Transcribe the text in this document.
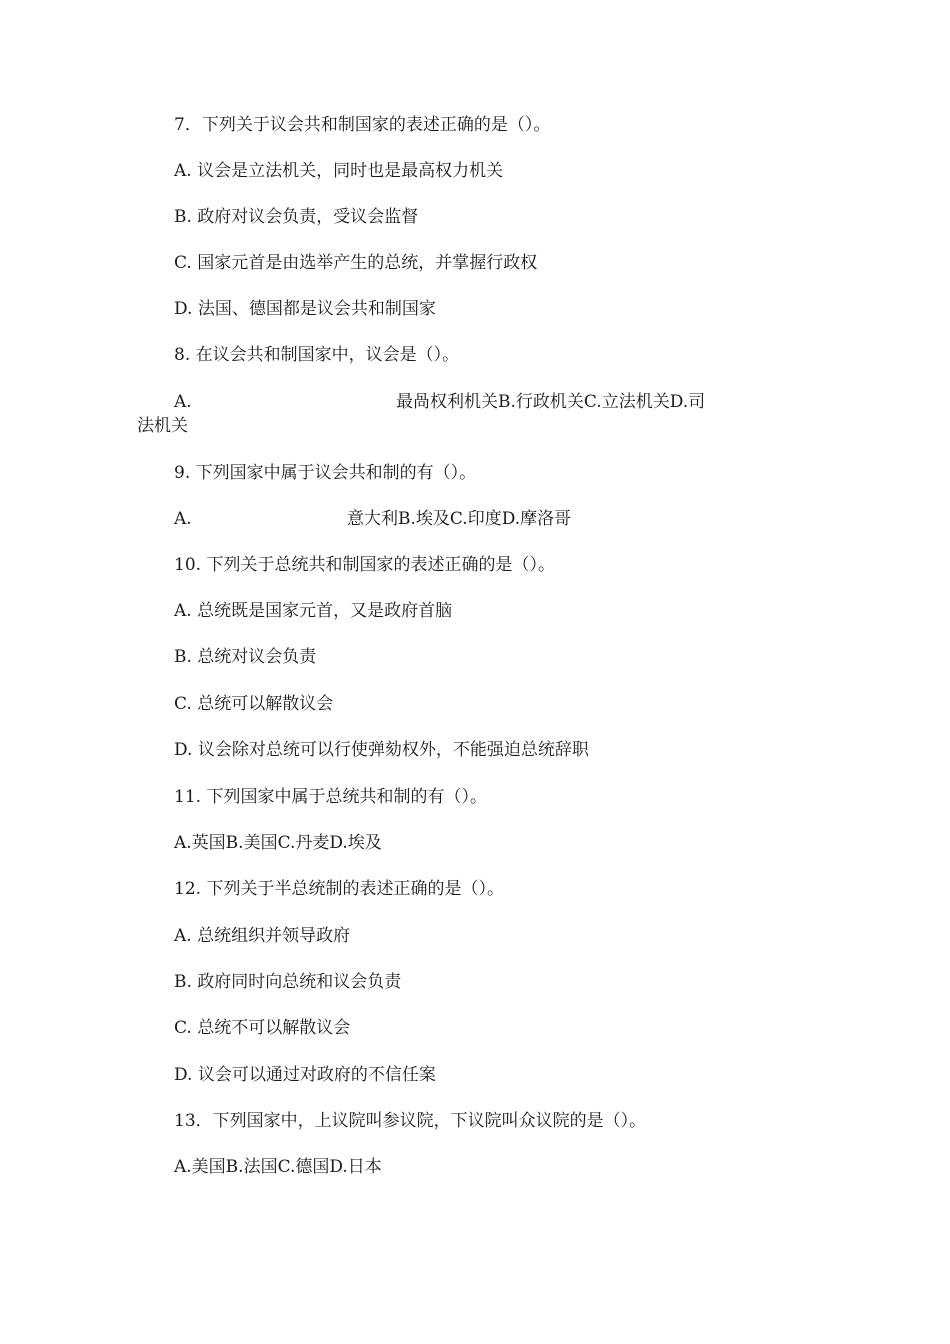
7．下列关于议会共和制国家的表述正确的是（）。
A. 议会是立法机关，同时也是最高权力机关
B. 政府对议会负责，受议会监督
C. 国家元首是由选举产生的总统，并掌握行政权
D. 法国、德国都是议会共和制国家
8. 在议会共和制国家中，议会是（）。
A.	最咼权利机关B.行政机关C.立法机关D.司
法机关
9. 下列国家中属于议会共和制的有（）。
A.	意大利B.埃及C.印度D.摩洛哥
10. 下列关于总统共和制国家的表述正确的是（）。
A. 总统既是国家元首，又是政府首脑
B. 总统对议会负责
C. 总统可以解散议会
D. 议会除对总统可以行使弹劾权外，不能强迫总统辞职
11. 下列国家中属于总统共和制的有（）。
A.英国B.美国C.丹麦D.埃及
12. 下列关于半总统制的表述正确的是（）。
A. 总统组织并领导政府
B. 政府同时向总统和议会负责
C. 总统不可以解散议会
D. 议会可以通过对政府的不信任案
13．下列国家中，上议院叫参议院，下议院叫众议院的是（）。
A.美国B.法国C.德国D.日本
